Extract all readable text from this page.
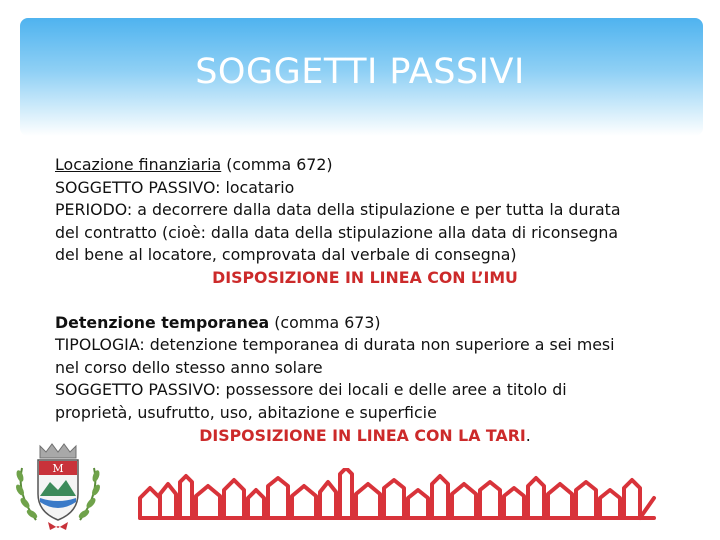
SOGGETTI PASSIVI
Locazione finanziaria (comma 672)
SOGGETTO PASSIVO: locatario
PERIODO: a decorrere dalla data della stipulazione e per tutta la durata
del contratto (cioè: dalla data della stipulazione alla data di riconsegna
del bene al locatore, comprovata dal verbale di consegna)
DISPOSIZIONE IN LINEA CON L’IMU
Detenzione temporanea (comma 673)
TIPOLOGIA: detenzione temporanea di durata non superiore a sei mesi
nel corso dello stesso anno solare
SOGGETTO PASSIVO: possessore dei locali e delle aree a titolo di
proprietà, usufrutto, uso, abitazione e superficie
DISPOSIZIONE IN LINEA CON LA TARI.
M
